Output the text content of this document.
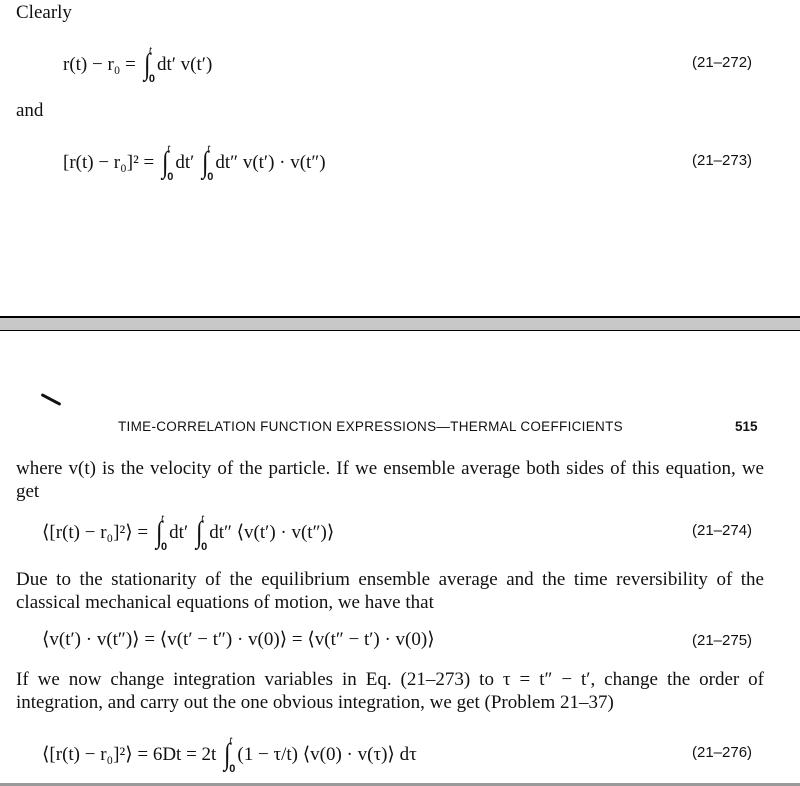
Clearly
r(t) − r₀ = ∫
t
0
dt′ v(t′)	(21–272)
and
[r(t) − r₀]² = ∫
t
0
dt′ ∫
t
0
dt″ v(t′) · v(t″)	(21–273)
TIME-CORRELATION FUNCTION EXPRESSIONS—THERMAL COEFFICIENTS	515
where v(t) is the velocity of the particle. If we ensemble average both sides of this equation, we get
⟨[r(t) − r₀]²⟩ = ∫
t
0
dt′ ∫
t
0
dt″ ⟨v(t′) · v(t″)⟩	(21–274)
Due to the stationarity of the equilibrium ensemble average and the time reversibility of the classical mechanical equations of motion, we have that
⟨v(t′) · v(t″)⟩ = ⟨v(t′ − t″) · v(0)⟩ = ⟨v(t″ − t′) · v(0)⟩	(21–275)
If we now change integration variables in Eq. (21–273) to τ = t″ − t′, change the order of integration, and carry out the one obvious integration, we get (Problem 21–37)
⟨[r(t) − r₀]²⟩ = 6Dt = 2t ∫
t
0
(1 − τ/t) ⟨v(0) · v(τ)⟩ dτ	(21–276)
